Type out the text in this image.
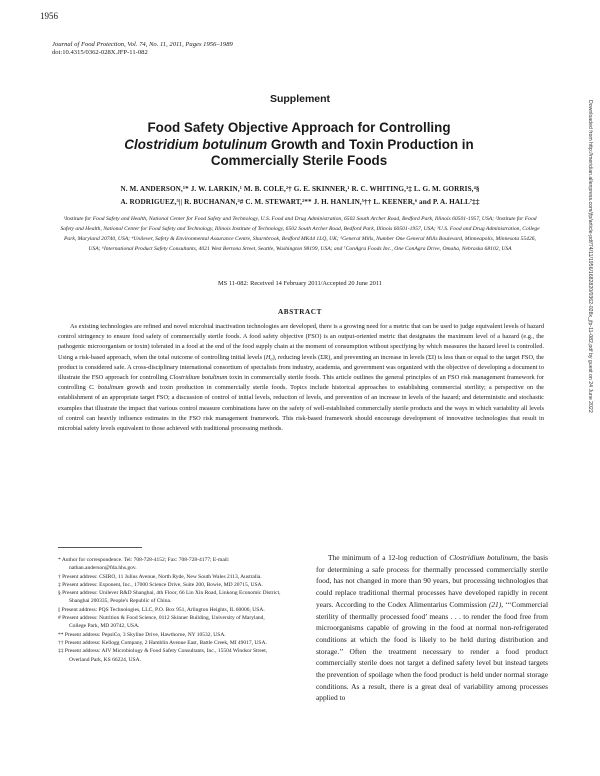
1956
Journal of Food Protection, Vol. 74, No. 11, 2011, Pages 1956–1989
doi:10.4315/0362-028X.JFP-11-082
Supplement
Food Safety Objective Approach for Controlling
Clostridium botulinum Growth and Toxin Production in
Commercially Sterile Foods
N. M. ANDERSON,¹* J. W. LARKIN,¹ M. B. COLE,²† G. E. SKINNER,¹ R. C. WHITING,³‡ L. G. M. GORRIS,⁴§
A. RODRIGUEZ,⁵|| R. BUCHANAN,³# C. M. STEWART,²** J. H. HANLIN,⁵†† L. KEENER,⁶ and P. A. HALL⁷‡‡
¹Institute for Food Safety and Health, National Center for Food Safety and Technology, U.S. Food and Drug Administration, 6502 South Archer Road, Bedford Park, Illinois 60501-1957, USA; ²Institute for Food Safety and Health, National Center for Food Safety and Technology, Illinois Institute of Technology, 6502 South Archer Road, Bedford Park, Illinois 60501-1957, USA; ³U.S. Food and Drug Administration, College Park, Maryland 20740, USA; ⁴Unilever, Safety & Environmental Assurance Centre, Sharnbrook, Bedford MK44 1LQ, UK; ⁵General Mills, Number One General Mills Boulevard, Minneapolis, Minnesota 55426, USA; ⁶International Product Safety Consultants, 4021 West Bertona Street, Seattle, Washington 98199, USA; and ⁷ConAgra Foods Inc., One ConAgra Drive, Omaha, Nebraska 68102, USA
MS 11-082: Received 14 February 2011/Accepted 20 June 2011
ABSTRACT
As existing technologies are refined and novel microbial inactivation technologies are developed, there is a growing need for a metric that can be used to judge equivalent levels of hazard control stringency to ensure food safety of commercially sterile foods. A food safety objective (FSO) is an output-oriented metric that designates the maximum level of a hazard (e.g., the pathogenic microorganism or toxin) tolerated in a food at the end of the food supply chain at the moment of consumption without specifying by which measures the hazard level is controlled. Using a risk-based approach, when the total outcome of controlling initial levels (H₀), reducing levels (ΣR), and preventing an increase in levels (ΣI) is less than or equal to the target FSO, the product is considered safe. A cross-disciplinary international consortium of specialists from industry, academia, and government was organized with the objective of developing a document to illustrate the FSO approach for controlling Clostridium botulinum toxin in commercially sterile foods. This article outlines the general principles of an FSO risk management framework for controlling C. botulinum growth and toxin production in commercially sterile foods. Topics include historical approaches to establishing commercial sterility; a perspective on the establishment of an appropriate target FSO; a discussion of control of initial levels, reduction of levels, and prevention of an increase in levels of the hazard; and deterministic and stochastic examples that illustrate the impact that various control measure combinations have on the safety of well-established commercially sterile products and the ways in which variability all levels of control can heavily influence estimates in the FSO risk management framework. This risk-based framework should encourage development of innovative technologies that result in microbial safety levels equivalent to those achieved with traditional processing methods.

* Author for correspondence. Tel: 708-728-4152; Fax: 708-728-4177; E-mail: nathan.anderson@fda.hhs.gov.

† Present address: CSIRO, 11 Julius Avenue, North Ryde, New South Wales 2113, Australia.

‡ Present address: Exponent, Inc., 17000 Science Drive, Suite 200, Bowie, MD 20715, USA.

§ Present address: Unilever R&D Shanghai, 4th Floor, 66 Lin Xin Road, Linkong Economic District, Shanghai 200335, People's Republic of China.

|| Present address: PQS Technologies, LLC, P.O. Box 951, Arlington Heights, IL 60006, USA.

# Present address: Nutrition & Food Science, 0112 Skinner Building, University of Maryland, College Park, MD 20742, USA.

** Present address: PepsiCo, 3 Skyline Drive, Hawthorne, NY 10532, USA.

†† Present address: Kellogg Company, 2 Hamblin Avenue East, Battle Creek, MI 49017, USA.

‡‡ Present address: AIV Microbiology & Food Safety Consultants, Inc., 15504 Windsor Street, Overland Park, KS 66224, USA.

The minimum of a 12-log reduction of Clostridium botulinum, the basis for determining a safe process for thermally processed commercially sterile food, has not changed in more than 90 years, but processing technologies that could replace traditional thermal processes have developed rapidly in recent years. According to the Codex Alimentarius Commission (21), ‘‘‘Commercial sterility of thermally processed food’ means . . . to render the food free from microorganisms capable of growing in the food at normal non-refrigerated conditions at which the food is likely to be held during distribution and storage.’’ Often the treatment necessary to render a food product commercially sterile does not target a defined safety level but instead targets the prevention of spoilage when the food product is held under normal storage conditions. As a result, there is a great deal of variability among processes applied to

Downloaded from http://meridian.allenpress.com/jfp/article-pdf/74/11/1956/1682820/0362-028x_jfp-11-082.pdf by guest on 24 June 2022
